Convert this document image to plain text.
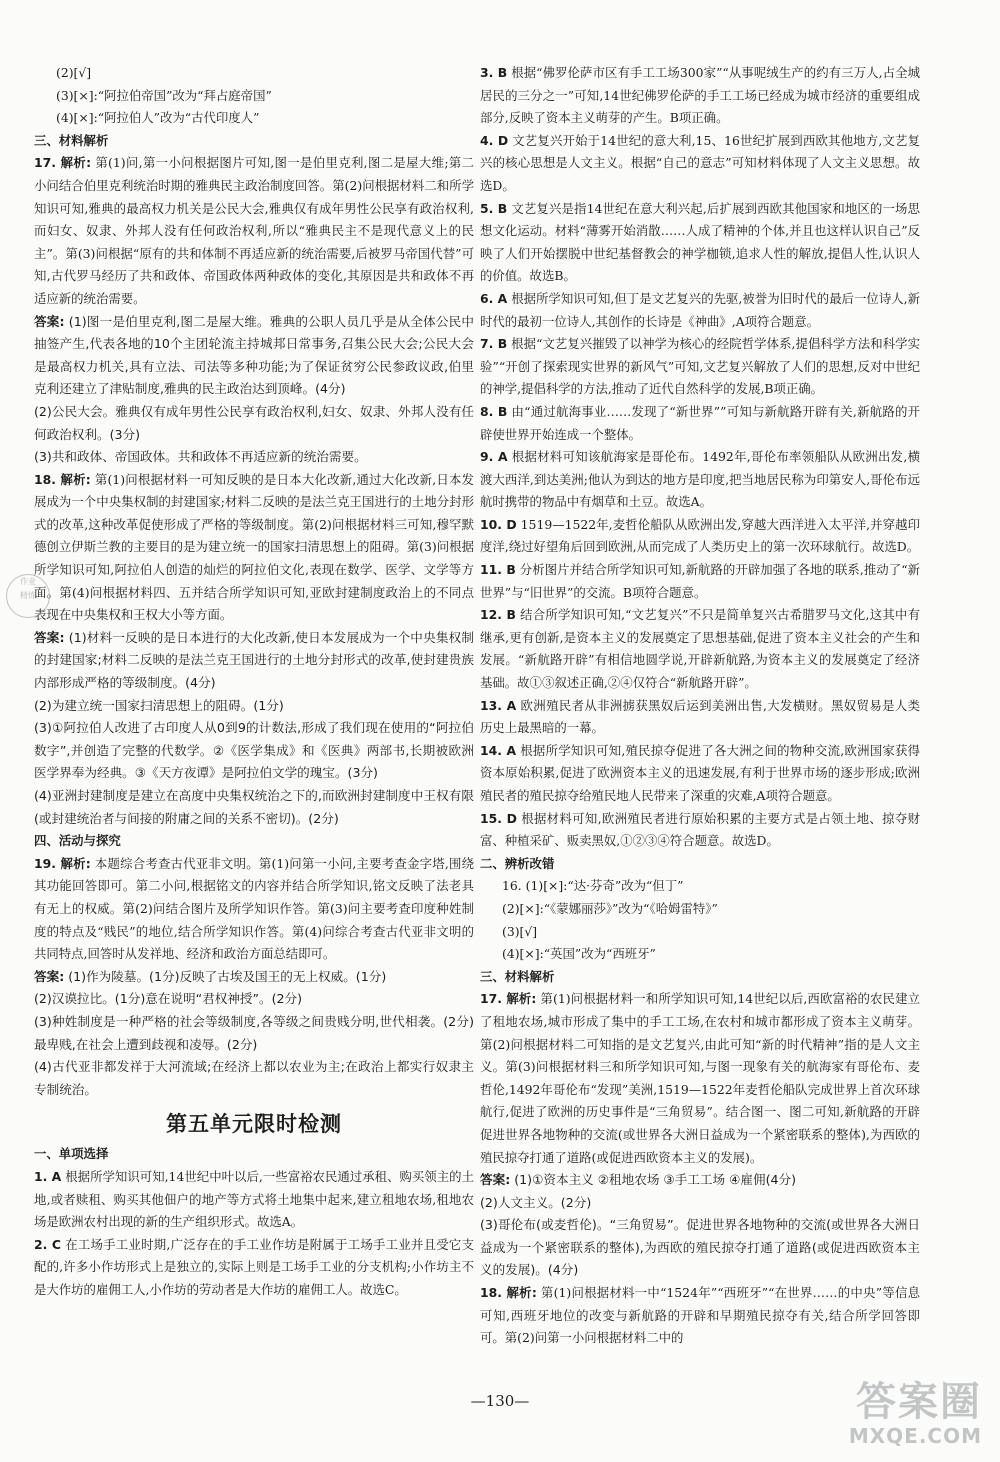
(2)[√]

(3)[×]:“阿拉伯帝国”改为“拜占庭帝国”

(4)[×]:“阿拉伯人”改为“古代印度人”

三、材料解析

17. 解析: 第(1)问,第一小问根据图片可知,图一是伯里克利,图二是屋大维;第二小问结合伯里克利统治时期的雅典民主政治制度回答。第(2)问根据材料二和所学知识可知,雅典的最高权力机关是公民大会,雅典仅有成年男性公民享有政治权利,而妇女、奴隶、外邦人没有任何政治权利,所以“雅典民主不是现代意义上的民主”。第(3)问根据“原有的共和体制不再适应新的统治需要,后被罗马帝国代替”可知,古代罗马经历了共和政体、帝国政体两种政体的变化,其原因是共和政体不再适应新的统治需要。

答案: (1)图一是伯里克利,图二是屋大维。雅典的公职人员几乎是从全体公民中抽签产生,代表各地的10个主团轮流主持城邦日常事务,召集公民大会;公民大会是最高权力机关,具有立法、司法等多种功能;为了保证贫穷公民参政议政,伯里克利还建立了津贴制度,雅典的民主政治达到顶峰。(4分)

(2)公民大会。雅典仅有成年男性公民享有政治权利,妇女、奴隶、外邦人没有任何政治权利。(3分)

(3)共和政体、帝国政体。共和政体不再适应新的统治需要。

18. 解析: 第(1)问根据材料一可知反映的是日本大化改新,通过大化改新,日本发展成为一个中央集权制的封建国家;材料二反映的是法兰克王国进行的土地分封形式的改革,这种改革促使形成了严格的等级制度。第(2)问根据材料三可知,穆罕默德创立伊斯兰教的主要目的是为建立统一的国家扫清思想上的阻碍。第(3)问根据所学知识可知,阿拉伯人创造的灿烂的阿拉伯文化,表现在数学、医学、文学等方面。第(4)问根据材料四、五并结合所学知识可知,亚欧封建制度政治上的不同点表现在中央集权和王权大小等方面。

答案: (1)材料一反映的是日本进行的大化改新,使日本发展成为一个中央集权制的封建国家;材料二反映的是法兰克王国进行的土地分封形式的改革,使封建贵族内部形成严格的等级制度。(4分)

(2)为建立统一国家扫清思想上的阻碍。(1分)

(3)①阿拉伯人改进了古印度人从0到9的计数法,形成了我们现在使用的“阿拉伯数字”,并创造了完整的代数学。②《医学集成》和《医典》两部书,长期被欧洲医学界奉为经典。③《天方夜谭》是阿拉伯文学的瑰宝。(3分)

(4)亚洲封建制度是建立在高度中央集权统治之下的,而欧洲封建制度中王权有限(或封建统治者与间接的附庸之间的关系不密切)。(2分)

四、活动与探究

19. 解析: 本题综合考查古代亚非文明。第(1)问第一小问,主要考查金字塔,围绕其功能回答即可。第二小问,根据铭文的内容并结合所学知识,铭文反映了法老具有无上的权威。第(2)问结合图片及所学知识作答。第(3)问主要考查印度种姓制度的特点及“贱民”的地位,结合所学知识作答。第(4)问综合考查古代亚非文明的共同特点,回答时从发祥地、经济和政治方面总结即可。

答案: (1)作为陵墓。(1分)反映了古埃及国王的无上权威。(1分)

(2)汉谟拉比。(1分)意在说明“君权神授”。(2分)

(3)种姓制度是一种严格的社会等级制度,各等级之间贵贱分明,世代相袭。(2分)最卑贱,在社会上遭到歧视和凌辱。(2分)

(4)古代亚非都发祥于大河流域;在经济上都以农业为主;在政治上都实行奴隶主专制统治。

第五单元限时检测

一、单项选择

1. A 根据所学知识可知,14世纪中叶以后,一些富裕农民通过承租、购买领主的土地,或者赎租、购买其他佃户的地产等方式将土地集中起来,建立租地农场,租地农场是欧洲农村出现的新的生产组织形式。故选A。

2. C 在工场手工业时期,广泛存在的手工业作坊是附属于工场手工业并且受它支配的,许多小作坊形式上是独立的,实际上则是工场手工业的分支机构;小作坊主不是大作坊的雇佣工人,小作坊的劳动者是大作坊的雇佣工人。故选C。

3. B 根据“佛罗伦萨市区有手工工场300家”“从事呢绒生产的约有三万人,占全城居民的三分之一”可知,14世纪佛罗伦萨的手工工场已经成为城市经济的重要组成部分,反映了资本主义萌芽的产生。B项正确。

4. D 文艺复兴开始于14世纪的意大利,15、16世纪扩展到西欧其他地方,文艺复兴的核心思想是人文主义。根据“自己的意志”可知材料体现了人文主义思想。故选D。

5. B 文艺复兴是指14世纪在意大利兴起,后扩展到西欧其他国家和地区的一场思想文化运动。材料“薄雾开始消散……人成了精神的个体,并且也这样认识自己”反映了人们开始摆脱中世纪基督教会的神学枷锁,追求人性的解放,提倡人性,认识人的价值。故选B。

6. A 根据所学知识可知,但丁是文艺复兴的先驱,被誉为旧时代的最后一位诗人,新时代的最初一位诗人,其创作的长诗是《神曲》,A项符合题意。

7. B 根据“文艺复兴摧毁了以神学为核心的经院哲学体系,提倡科学方法和科学实验”“开创了探索现实世界的新风气”可知,文艺复兴解放了人们的思想,反对中世纪的神学,提倡科学的方法,推动了近代自然科学的发展,B项正确。

8. B 由“通过航海事业……发现了“新世界””可知与新航路开辟有关,新航路的开辟使世界开始连成一个整体。

9. A 根据材料可知该航海家是哥伦布。1492年,哥伦布率领船队从欧洲出发,横渡大西洋,到达美洲;他认为到达的地方是印度,把当地居民称为印第安人,哥伦布远航时携带的物品中有烟草和土豆。故选A。

10. D 1519—1522年,麦哲伦船队从欧洲出发,穿越大西洋进入太平洋,并穿越印度洋,绕过好望角后回到欧洲,从而完成了人类历史上的第一次环球航行。故选D。

11. B 分析图片并结合所学知识可知,新航路的开辟加强了各地的联系,推动了“新世界”与“旧世界”的交流。B项符合题意。

12. B 结合所学知识可知,“文艺复兴”不只是简单复兴古希腊罗马文化,这其中有继承,更有创新,是资本主义的发展奠定了思想基础,促进了资本主义社会的产生和发展。“新航路开辟”有相信地圆学说,开辟新航路,为资本主义的发展奠定了经济基础。故①③叙述正确,②④仅符合“新航路开辟”。

13. A 欧洲殖民者从非洲掳获黑奴后运到美洲出售,大发横财。黑奴贸易是人类历史上最黑暗的一幕。

14. A 根据所学知识可知,殖民掠夺促进了各大洲之间的物种交流,欧洲国家获得资本原始积累,促进了欧洲资本主义的迅速发展,有利于世界市场的逐步形成;欧洲殖民者的殖民掠夺给殖民地人民带来了深重的灾难,A项符合题意。

15. D 根据材料可知,欧洲殖民者进行原始积累的主要方式是占领土地、掠夺财富、种植采矿、贩卖黑奴,①②③④符合题意。故选D。

二、辨析改错

16. (1)[×]:“达·芬奇”改为“但丁”

(2)[×]:“《蒙娜丽莎》”改为“《哈姆雷特》”

(3)[√]

(4)[×]:“英国”改为“西班牙”

三、材料解析

17. 解析: 第(1)问根据材料一和所学知识可知,14世纪以后,西欧富裕的农民建立了租地农场,城市形成了集中的手工工场,在农村和城市都形成了资本主义萌芽。第(2)问根据材料二可知指的是文艺复兴,由此可知“新的时代精神”指的是人文主义。第(3)问根据材料三和所学知识可知,与图一现象有关的航海家有哥伦布、麦哲伦,1492年哥伦布“发现”美洲,1519—1522年麦哲伦船队完成世界上首次环球航行,促进了欧洲的历史事件是“三角贸易”。结合图一、图二可知,新航路的开辟促进世界各地物种的交流(或世界各大洲日益成为一个紧密联系的整体),为西欧的殖民掠夺打通了道路(或促进西欧资本主义的发展)。

答案: (1)①资本主义 ②租地农场 ③手工工场 ④雇佣(4分)

(2)人文主义。(2分)

(3)哥伦布(或麦哲伦)。“三角贸易”。促进世界各地物种的交流(或世界各大洲日益成为一个紧密联系的整体),为西欧的殖民掠夺打通了道路(或促进西欧资本主义的发展)。(4分)

18. 解析: 第(1)问根据材料一中“1524年”“西班牙”“在世界……的中央”等信息可知,西班牙地位的改变与新航路的开辟和早期殖民掠夺有关,结合所学回答即可。第(2)问第一小问根据材料二中的

作业
精炼
—130—	答案圈
MXQE.COM
